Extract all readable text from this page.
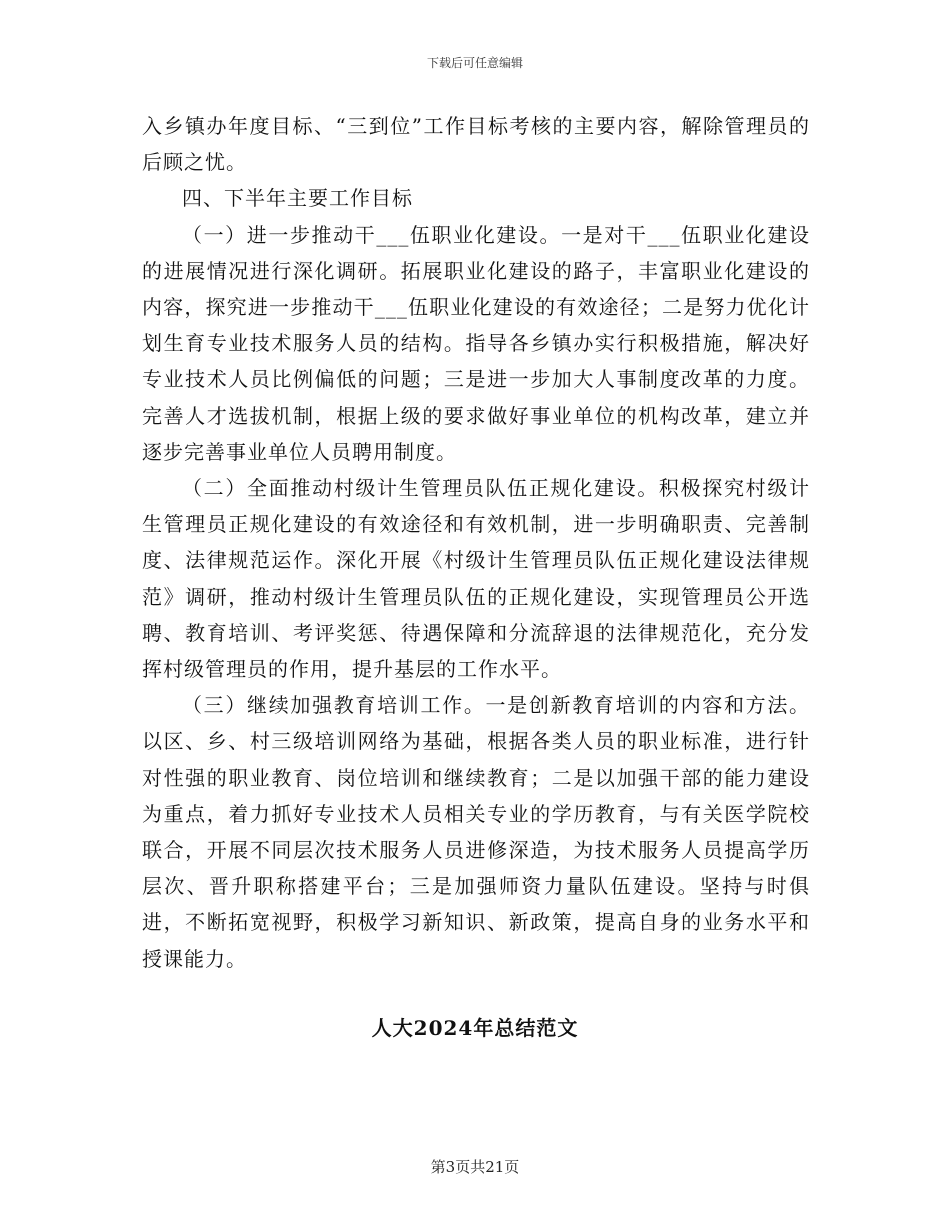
下载后可任意编辑

入乡镇办年度目标、“三到位”工作目标考核的主要内容，解除管理员的后顾之忧。

四、下半年主要工作目标

（一）进一步推动干___伍职业化建设。一是对干___伍职业化建设的进展情况进行深化调研。拓展职业化建设的路子，丰富职业化建设的内容，探究进一步推动干___伍职业化建设的有效途径；二是努力优化计划生育专业技术服务人员的结构。指导各乡镇办实行积极措施，解决好专业技术人员比例偏低的问题；三是进一步加大人事制度改革的力度。完善人才选拔机制，根据上级的要求做好事业单位的机构改革，建立并逐步完善事业单位人员聘用制度。

（二）全面推动村级计生管理员队伍正规化建设。积极探究村级计生管理员正规化建设的有效途径和有效机制，进一步明确职责、完善制度、法律规范运作。深化开展《村级计生管理员队伍正规化建设法律规范》调研，推动村级计生管理员队伍的正规化建设，实现管理员公开选聘、教育培训、考评奖惩、待遇保障和分流辞退的法律规范化，充分发挥村级管理员的作用，提升基层的工作水平。

（三）继续加强教育培训工作。一是创新教育培训的内容和方法。以区、乡、村三级培训网络为基础，根据各类人员的职业标准，进行针对性强的职业教育、岗位培训和继续教育；二是以加强干部的能力建设为重点，着力抓好专业技术人员相关专业的学历教育，与有关医学院校联合，开展不同层次技术服务人员进修深造，为技术服务人员提高学历层次、晋升职称搭建平台；三是加强师资力量队伍建设。坚持与时俱进，不断拓宽视野，积极学习新知识、新政策，提高自身的业务水平和授课能力。

人大2024年总结范文
第3页共21页
